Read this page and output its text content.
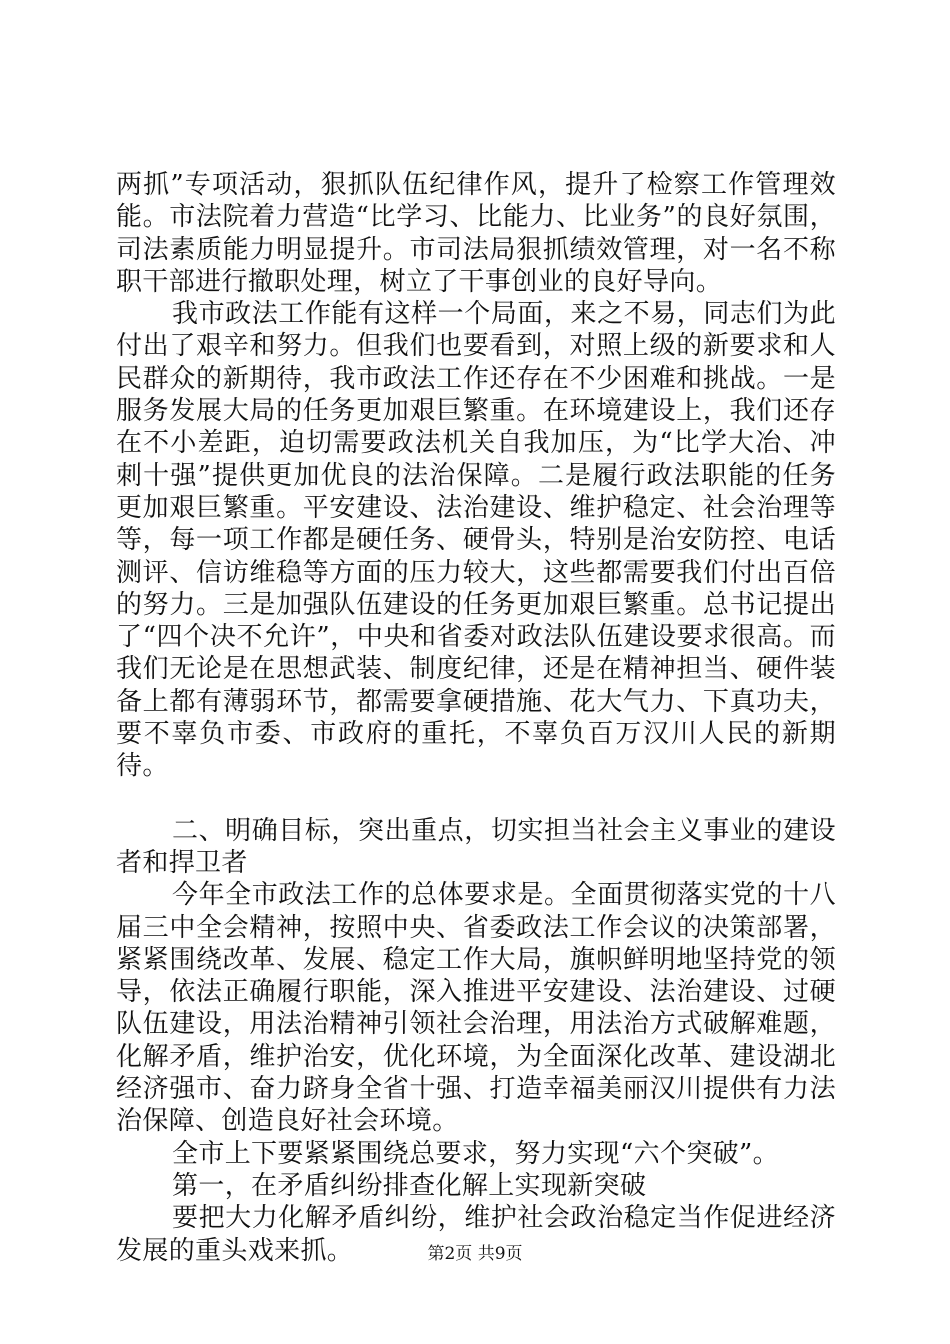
两抓”专项活动，狠抓队伍纪律作风，提升了检察工作管理效能。市法院着力营造“比学习、比能力、比业务”的良好氛围，司法素质能力明显提升。市司法局狠抓绩效管理，对一名不称职干部进行撤职处理，树立了干事创业的良好导向。

我市政法工作能有这样一个局面，来之不易，同志们为此付出了艰辛和努力。但我们也要看到，对照上级的新要求和人民群众的新期待，我市政法工作还存在不少困难和挑战。一是服务发展大局的任务更加艰巨繁重。在环境建设上，我们还存在不小差距，迫切需要政法机关自我加压，为“比学大冶、冲刺十强”提供更加优良的法治保障。二是履行政法职能的任务更加艰巨繁重。平安建设、法治建设、维护稳定、社会治理等等，每一项工作都是硬任务、硬骨头，特别是治安防控、电话测评、信访维稳等方面的压力较大，这些都需要我们付出百倍的努力。三是加强队伍建设的任务更加艰巨繁重。总书记提出了“四个决不允许”，中央和省委对政法队伍建设要求很高。而我们无论是在思想武装、制度纪律，还是在精神担当、硬件装备上都有薄弱环节，都需要拿硬措施、花大气力、下真功夫，要不辜负市委、市政府的重托，不辜负百万汉川人民的新期待。

二、明确目标，突出重点，切实担当社会主义事业的建设者和捍卫者

今年全市政法工作的总体要求是。全面贯彻落实党的十八届三中全会精神，按照中央、省委政法工作会议的决策部署，紧紧围绕改革、发展、稳定工作大局，旗帜鲜明地坚持党的领导，依法正确履行职能，深入推进平安建设、法治建设、过硬队伍建设，用法治精神引领社会治理，用法治方式破解难题，化解矛盾，维护治安，优化环境，为全面深化改革、建设湖北经济强市、奋力跻身全省十强、打造幸福美丽汉川提供有力法治保障、创造良好社会环境。

全市上下要紧紧围绕总要求，努力实现“六个突破”。

第一，在矛盾纠纷排查化解上实现新突破

要把大力化解矛盾纠纷，维护社会政治稳定当作促进经济发展的重头戏来抓。	第2页 共9页
